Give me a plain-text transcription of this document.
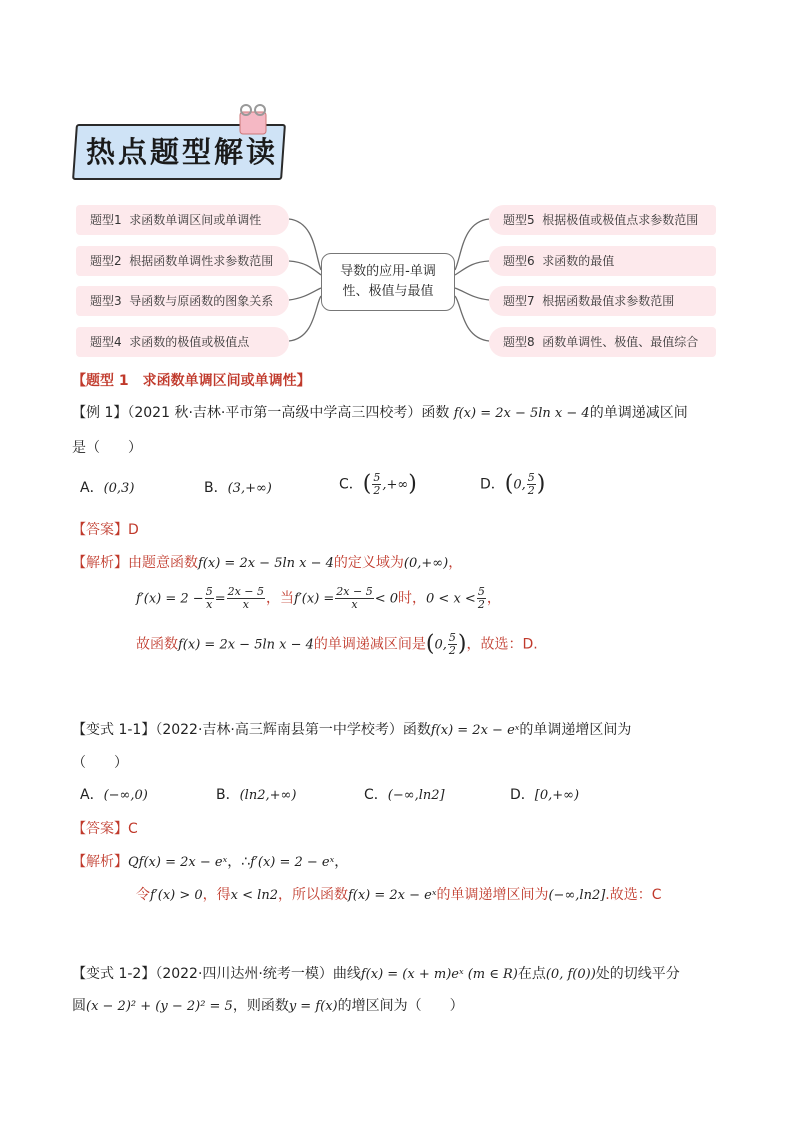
热点题型解读
题型1 求函数单调区间或单调性
题型2 根据函数单调性求参数范围
题型3 导函数与原函数的图象关系
题型4 求函数的极值或极值点
题型5 根据极值或极值点求参数范围
题型6 求函数的最值
题型7 根据函数最值求参数范围
题型8 函数单调性、极值、最值综合
导数的应用-单调
性、极值与最值
【题型 1　求函数单调区间或单调性】
【例 1】（2021 秋·吉林·平市第一高级中学高三四校考）函数 f(x) = 2x − 5ln x − 4的单调递减区间
是（　　）
A．(0,3)	B．(3,+∞)	C．( $\frac{5}{2}$ ,+∞)	D．(0, $\frac{5}{2}$ )
【答案】D
【解析】由题意函数f(x) = 2x − 5ln x − 4的定义域为(0,+∞)，
$f'(x) = 2 - \frac{5}{x} = \frac{2x - 5}{x}$ ，当$f'(x) = \frac{2x - 5}{x} < 0$时，$0 < x < \frac{5}{2}$ ，
故函数f(x) = 2x − 5ln x − 4的单调递减区间是(0, $\frac{5}{2}$ )，故选：D.
【变式 1-1】（2022·吉林·高三辉南县第一中学校考）函数f(x) = 2x − eˣ的单调递增区间为
（　　）
A．(−∞,0)	B．(ln2,+∞)	C．(−∞,ln2]	D．[0,+∞)
【答案】C
【解析】Qf(x) = 2x − eˣ，∴f′(x) = 2 − eˣ，
令f′(x) > 0，得x < ln2，所以函数f(x) = 2x − eˣ的单调递增区间为(−∞,ln2].故选：C
【变式 1-2】（2022·四川达州·统考一模）曲线f(x) = (x + m)eˣ (m ∈ R)在点(0, f(0))处的切线平分
圆(x − 2)² + (y − 2)² = 5，则函数y = f(x)的增区间为（　　）
